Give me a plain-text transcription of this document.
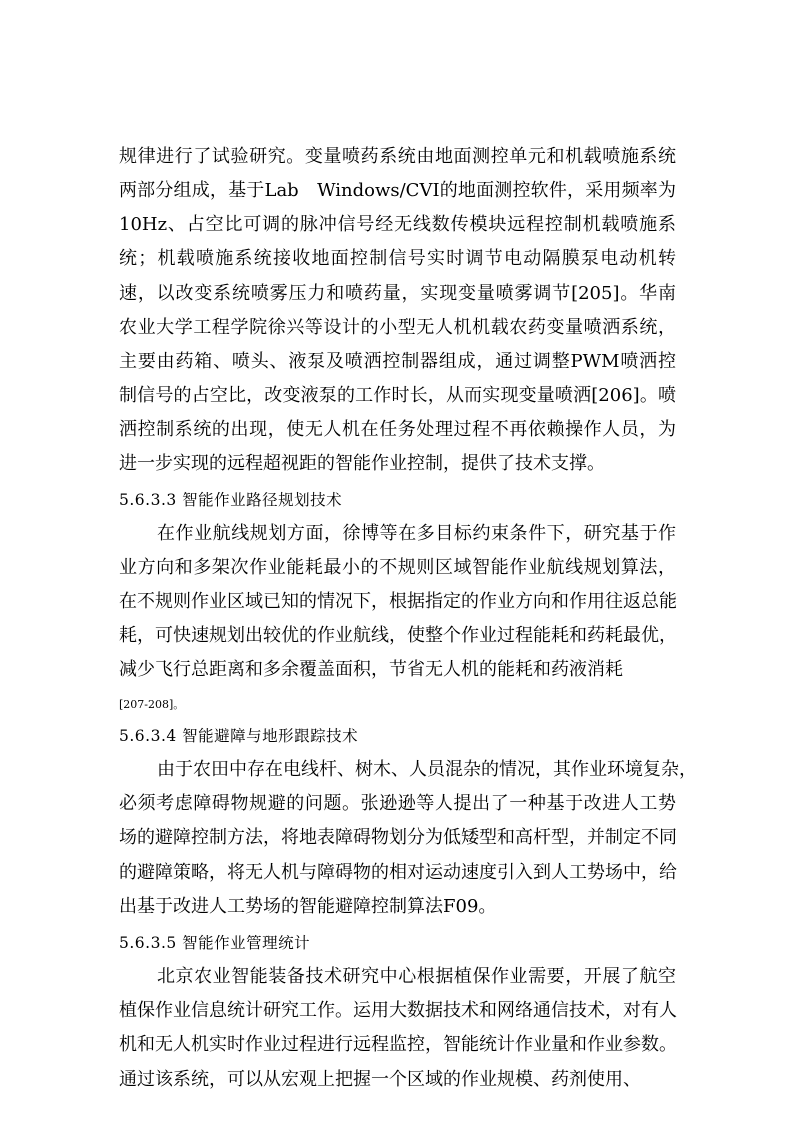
规律进行了试验研究。变量喷药系统由地面测控单元和机载喷施系统
两部分组成，基于Lab　Windows/CVI的地面测控软件，采用频率为
10Hz、占空比可调的脉冲信号经无线数传模块远程控制机载喷施系
统；机载喷施系统接收地面控制信号实时调节电动隔膜泵电动机转
速，以改变系统喷雾压力和喷药量，实现变量喷雾调节[205]。华南
农业大学工程学院徐兴等设计的小型无人机机载农药变量喷洒系统，
主要由药箱、喷头、液泵及喷洒控制器组成，通过调整PWM喷洒控
制信号的占空比，改变液泵的工作时长，从而实现变量喷洒[206]。喷
洒控制系统的出现，使无人机在任务处理过程不再依赖操作人员，为
进一步实现的远程超视距的智能作业控制，提供了技术支撑。
5.6.3.3 智能作业路径规划技术
在作业航线规划方面，徐博等在多目标约束条件下，研究基于作
业方向和多架次作业能耗最小的不规则区域智能作业航线规划算法，
在不规则作业区域已知的情况下，根据指定的作业方向和作用往返总能
耗，可快速规划出较优的作业航线，使整个作业过程能耗和药耗最优，
减少飞行总距离和多余覆盖面积，节省无人机的能耗和药液消耗
[207-208]。
5.6.3.4 智能避障与地形跟踪技术
由于农田中存在电线杆、树木、人员混杂的情况，其作业环境复杂，
必须考虑障碍物规避的问题。张逊逊等人提出了一种基于改进人工势
场的避障控制方法，将地表障碍物划分为低矮型和高杆型，并制定不同
的避障策略，将无人机与障碍物的相对运动速度引入到人工势场中，给
出基于改进人工势场的智能避障控制算法F09。
5.6.3.5 智能作业管理统计
北京农业智能装备技术研究中心根据植保作业需要，开展了航空
植保作业信息统计研究工作。运用大数据技术和网络通信技术，对有人
机和无人机实时作业过程进行远程监控，智能统计作业量和作业参数。
通过该系统，可以从宏观上把握一个区域的作业规模、药剂使用、
